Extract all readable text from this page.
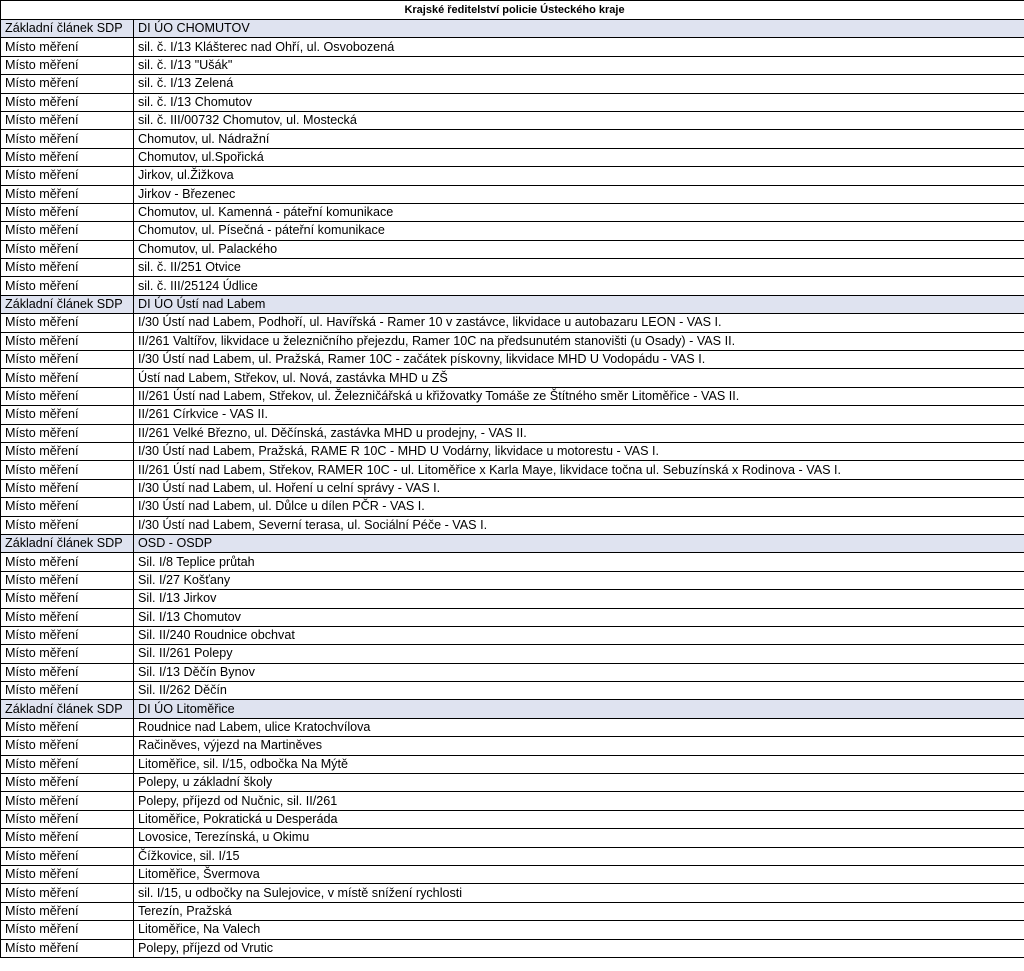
Krajské ředitelství policie Ústeckého kraje	
Základní článek SDP	DI ÚO CHOMUTOV
Místo měření	sil. č. I/13 Klášterec nad Ohří, ul. Osvobozená
Místo měření	sil. č. I/13 "Ušák"
Místo měření	sil. č. I/13 Zelená
Místo měření	sil. č. I/13 Chomutov
Místo měření	sil. č. III/00732 Chomutov, ul. Mostecká
Místo měření	Chomutov, ul. Nádražní
Místo měření	Chomutov, ul.Spořická
Místo měření	Jirkov, ul.Žižkova
Místo měření	Jirkov - Březenec
Místo měření	Chomutov, ul. Kamenná - páteřní komunikace
Místo měření	Chomutov, ul. Písečná - páteřní komunikace
Místo měření	Chomutov, ul. Palackého
Místo měření	sil. č. II/251 Otvice
Místo měření	sil. č. III/25124 Údlice
Základní článek SDP	DI ÚO Ústí nad Labem
Místo měření	I/30 Ústí nad Labem, Podhoří, ul. Havířská - Ramer 10 v zastávce, likvidace u autobazaru LEON - VAS I.
Místo měření	II/261 Valtířov, likvidace u železničního přejezdu, Ramer 10C na předsunutém stanovišti (u Osady) - VAS II.
Místo měření	I/30 Ústí nad Labem, ul. Pražská, Ramer 10C - začátek pískovny, likvidace MHD U Vodopádu - VAS I.
Místo měření	Ústí nad Labem, Střekov, ul. Nová, zastávka MHD u ZŠ
Místo měření	II/261 Ústí nad Labem, Střekov, ul. Železničářská u křižovatky Tomáše ze Štítného směr Litoměřice - VAS II.
Místo měření	II/261 Církvice - VAS II.
Místo měření	II/261 Velké Březno, ul. Děčínská, zastávka MHD u prodejny, - VAS II.
Místo měření	I/30 Ústí nad Labem, Pražská, RAME R 10C - MHD U Vodárny, likvidace u motorestu - VAS I.
Místo měření	II/261 Ústí nad Labem, Střekov, RAMER 10C - ul. Litoměřice x Karla Maye, likvidace točna ul. Sebuzínská x Rodinova - VAS I.
Místo měření	I/30 Ústí nad Labem, ul. Hoření u celní správy - VAS I.
Místo měření	I/30 Ústí nad Labem, ul. Důlce u dílen PČR - VAS I.
Místo měření	I/30 Ústí nad Labem, Severní terasa, ul. Sociální Péče - VAS I.
Základní článek SDP	OSD - OSDP
Místo měření	Sil. I/8 Teplice průtah
Místo měření	Sil. I/27 Košťany
Místo měření	Sil. I/13 Jirkov
Místo měření	Sil. I/13 Chomutov
Místo měření	Sil. II/240 Roudnice obchvat
Místo měření	Sil. II/261 Polepy
Místo měření	Sil. I/13 Děčín Bynov
Místo měření	Sil. II/262 Děčín
Základní článek SDP	DI ÚO Litoměřice
Místo měření	Roudnice nad Labem, ulice Kratochvílova
Místo měření	Račiněves, výjezd na Martiněves
Místo měření	Litoměřice, sil. I/15, odbočka Na Mýtě
Místo měření	Polepy, u základní školy
Místo měření	Polepy, příjezd od Nučnic, sil. II/261
Místo měření	Litoměřice, Pokratická u Desperáda
Místo měření	Lovosice, Terezínská, u Okimu
Místo měření	Čížkovice, sil. I/15
Místo měření	Litoměřice, Švermova
Místo měření	sil. I/15, u odbočky na Sulejovice, v místě snížení rychlosti
Místo měření	Terezín, Pražská
Místo měření	Litoměřice, Na Valech
Místo měření	Polepy, příjezd od Vrutic
